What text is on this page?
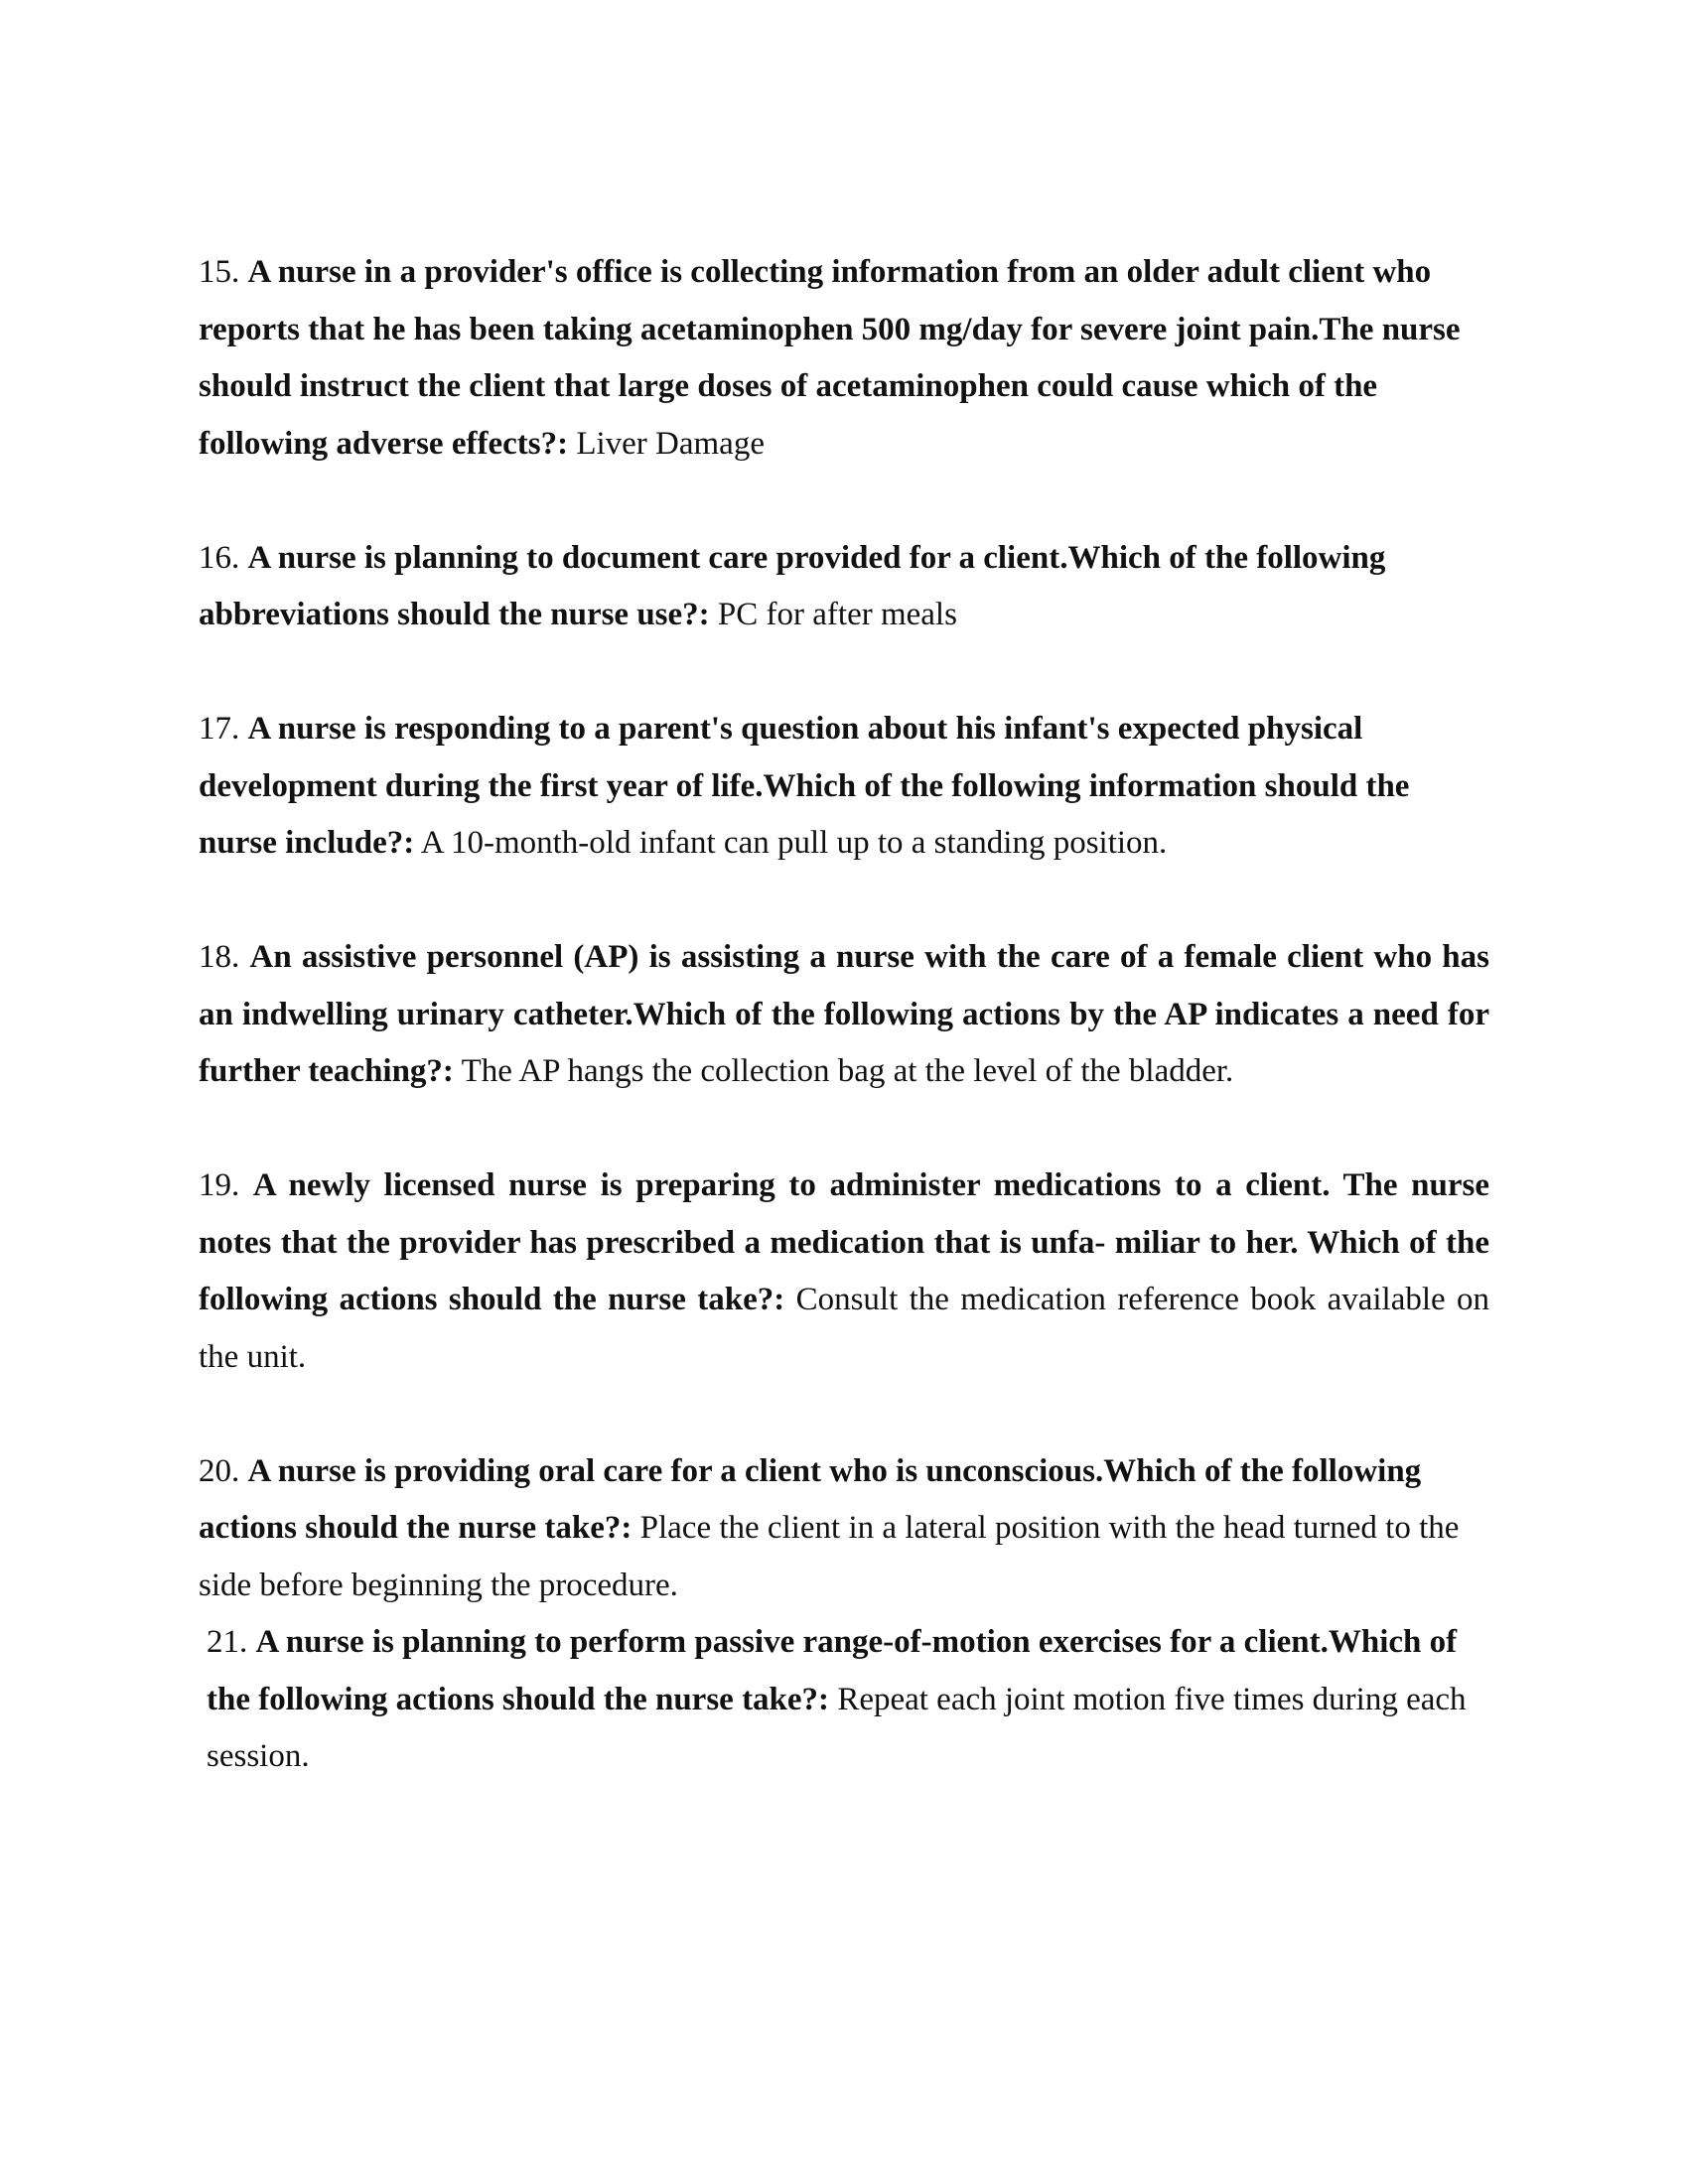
15. A nurse in a provider's office is collecting information from an older adult client who reports that he has been taking acetaminophen 500 mg/day for severe joint pain.The nurse should instruct the client that large doses of acetaminophen could cause which of the following adverse effects?: Liver Damage

16. A nurse is planning to document care provided for a client.Which of the following abbreviations should the nurse use?: PC for after meals

17. A nurse is responding to a parent's question about his infant's expected physical development during the first year of life.Which of the following information should the nurse include?: A 10-month-old infant can pull up to a standing position.

18. An assistive personnel (AP) is assisting a nurse with the care of a female client who has an indwelling urinary catheter.Which of the following actions by the AP indicates a need for further teaching?: The AP hangs the collection bag at the level of the bladder.

19. A newly licensed nurse is preparing to administer medications to a client. The nurse notes that the provider has prescribed a medication that is unfa- miliar to her. Which of the following actions should the nurse take?: Consult the medication reference book available on the unit.

20. A nurse is providing oral care for a client who is unconscious.Which of the following actions should the nurse take?: Place the client in a lateral position with the head turned to the side before beginning the procedure.

21. A nurse is planning to perform passive range-of-motion exercises for a client.Which of the following actions should the nurse take?: Repeat each joint motion five times during each session.
